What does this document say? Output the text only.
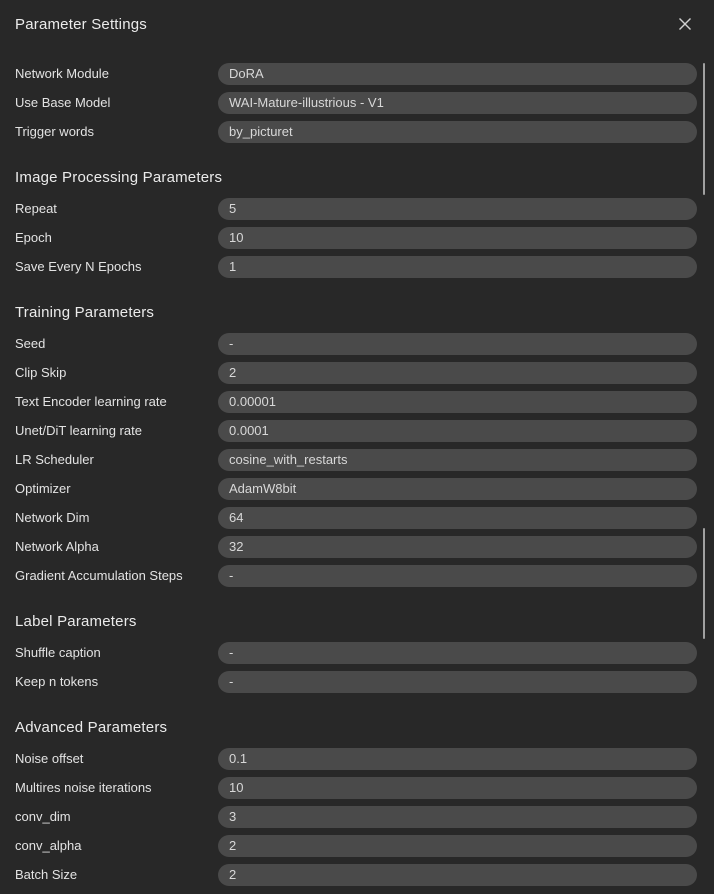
Parameter Settings
Network Module	DoRA
Use Base Model	WAI-Mature-illustrious - V1
Trigger words	by_picturet
Image Processing Parameters
Repeat	5
Epoch	10
Save Every N Epochs	1
Training Parameters
Seed	-
Clip Skip	2
Text Encoder learning rate	0.00001
Unet/DiT learning rate	0.0001
LR Scheduler	cosine_with_restarts
Optimizer	AdamW8bit
Network Dim	64
Network Alpha	32
Gradient Accumulation Steps	-
Label Parameters
Shuffle caption	-
Keep n tokens	-
Advanced Parameters
Noise offset	0.1
Multires noise iterations	10
conv_dim	3
conv_alpha	2
Batch Size	2
